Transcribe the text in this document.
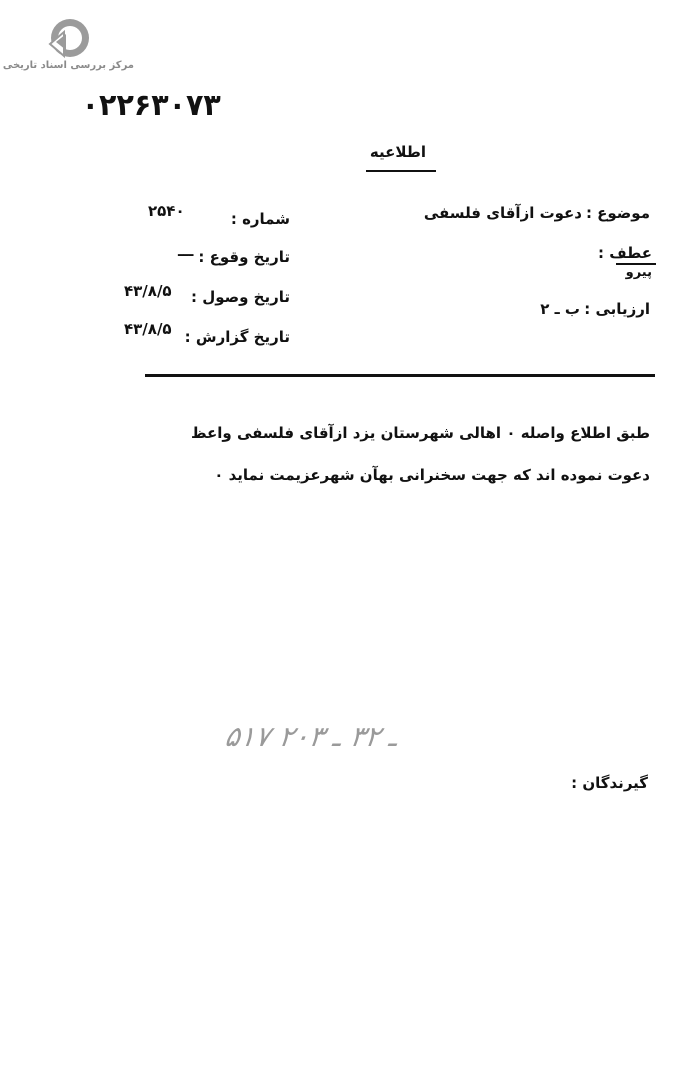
مرکز بررسی اسناد تاریخی
۰۲۲۶۳۰۷۳
اطلاعیه
موضوع :
دعوت ازآقای فلسفی
عطف :
پیرو
ارزیابی :
ب ـ ۲
شماره :
۲۵۴۰
تاریخ وقوع :
ـــ
تاریخ وصول :
۴۳/۸/۵
تاریخ گزارش :
۴۳/۸/۵
طبق اطلاع واصله ۰ اهالی شهرستان یزد ازآقای فلسفی واعظ
دعوت نموده اند که جهت سخنرانی بهآن شهرعزیمت نماید ۰
۵۱۷ ـ ۳۲ ـ ۲۰۳
گیرندگان :
